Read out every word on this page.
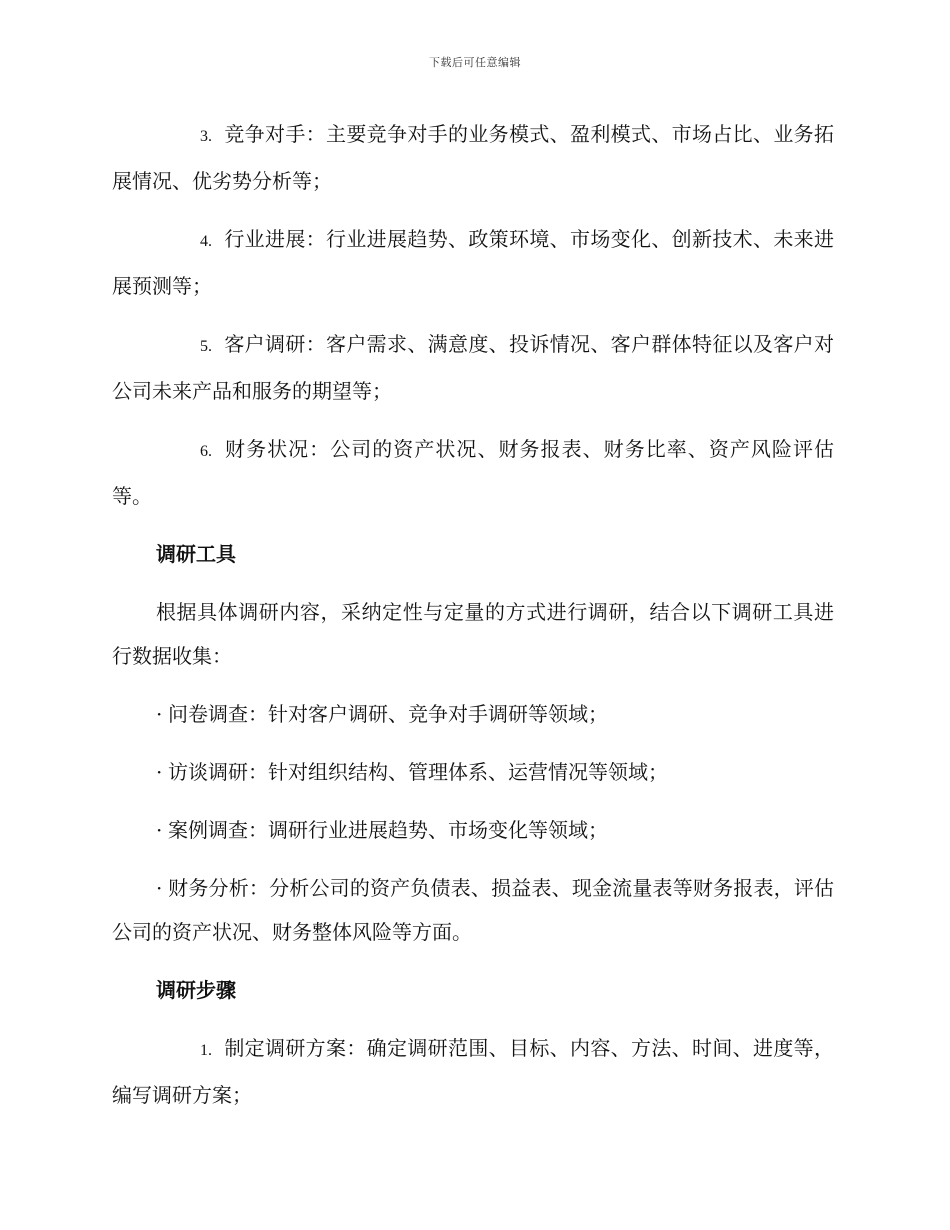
下载后可任意编辑

3. 竞争对手：主要竞争对手的业务模式、盈利模式、市场占比、业务拓展情况、优劣势分析等；

4. 行业进展：行业进展趋势、政策环境、市场变化、创新技术、未来进展预测等；

5. 客户调研：客户需求、满意度、投诉情况、客户群体特征以及客户对公司未来产品和服务的期望等；

6. 财务状况：公司的资产状况、财务报表、财务比率、资产风险评估等。

调研工具

根据具体调研内容，采纳定性与定量的方式进行调研，结合以下调研工具进行数据收集：

· 问卷调查：针对客户调研、竞争对手调研等领域；

· 访谈调研：针对组织结构、管理体系、运营情况等领域；

· 案例调查：调研行业进展趋势、市场变化等领域；

· 财务分析：分析公司的资产负债表、损益表、现金流量表等财务报表，评估公司的资产状况、财务整体风险等方面。

调研步骤

1. 制定调研方案：确定调研范围、目标、内容、方法、时间、进度等，编写调研方案；
